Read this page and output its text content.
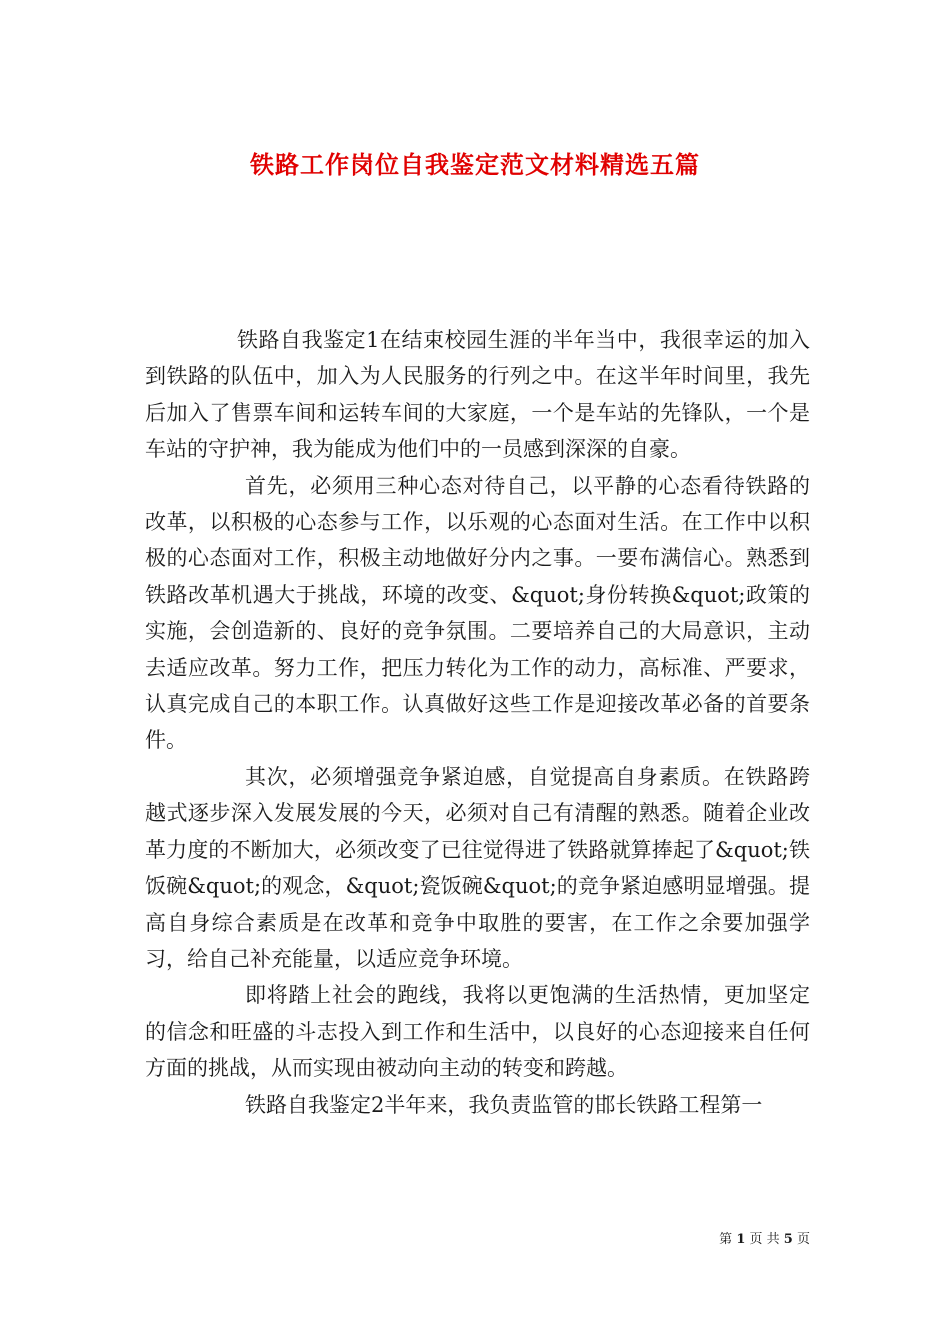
铁路工作岗位自我鉴定范文材料精选五篇

铁路自我鉴定1在结束校园生涯的半年当中，我很幸运的加入到铁路的队伍中，加入为人民服务的行列之中。在这半年时间里，我先后加入了售票车间和运转车间的大家庭，一个是车站的先锋队，一个是车站的守护神，我为能成为他们中的一员感到深深的自豪。

首先，必须用三种心态对待自己，以平静的心态看待铁路的改革，以积极的心态参与工作，以乐观的心态面对生活。在工作中以积极的心态面对工作，积极主动地做好分内之事。一要布满信心。熟悉到铁路改革机遇大于挑战，环境的改变、&quot;身份转换&quot;政策的实施，会创造新的、良好的竞争氛围。二要培养自己的大局意识，主动去适应改革。努力工作，把压力转化为工作的动力，高标准、严要求，认真完成自己的本职工作。认真做好这些工作是迎接改革必备的首要条件。

其次，必须增强竞争紧迫感，自觉提高自身素质。在铁路跨越式逐步深入发展发展的今天，必须对自己有清醒的熟悉。随着企业改革力度的不断加大，必须改变了已往觉得进了铁路就算捧起了&quot;铁饭碗&quot;的观念，&quot;瓷饭碗&quot;的竞争紧迫感明显增强。提高自身综合素质是在改革和竞争中取胜的要害，在工作之余要加强学习，给自己补充能量，以适应竞争环境。

即将踏上社会的跑线，我将以更饱满的生活热情，更加坚定的信念和旺盛的斗志投入到工作和生活中，以良好的心态迎接来自任何方面的挑战，从而实现由被动向主动的转变和跨越。

铁路自我鉴定2半年来，我负责监管的邯长铁路工程第一

第 1 页 共 5 页
